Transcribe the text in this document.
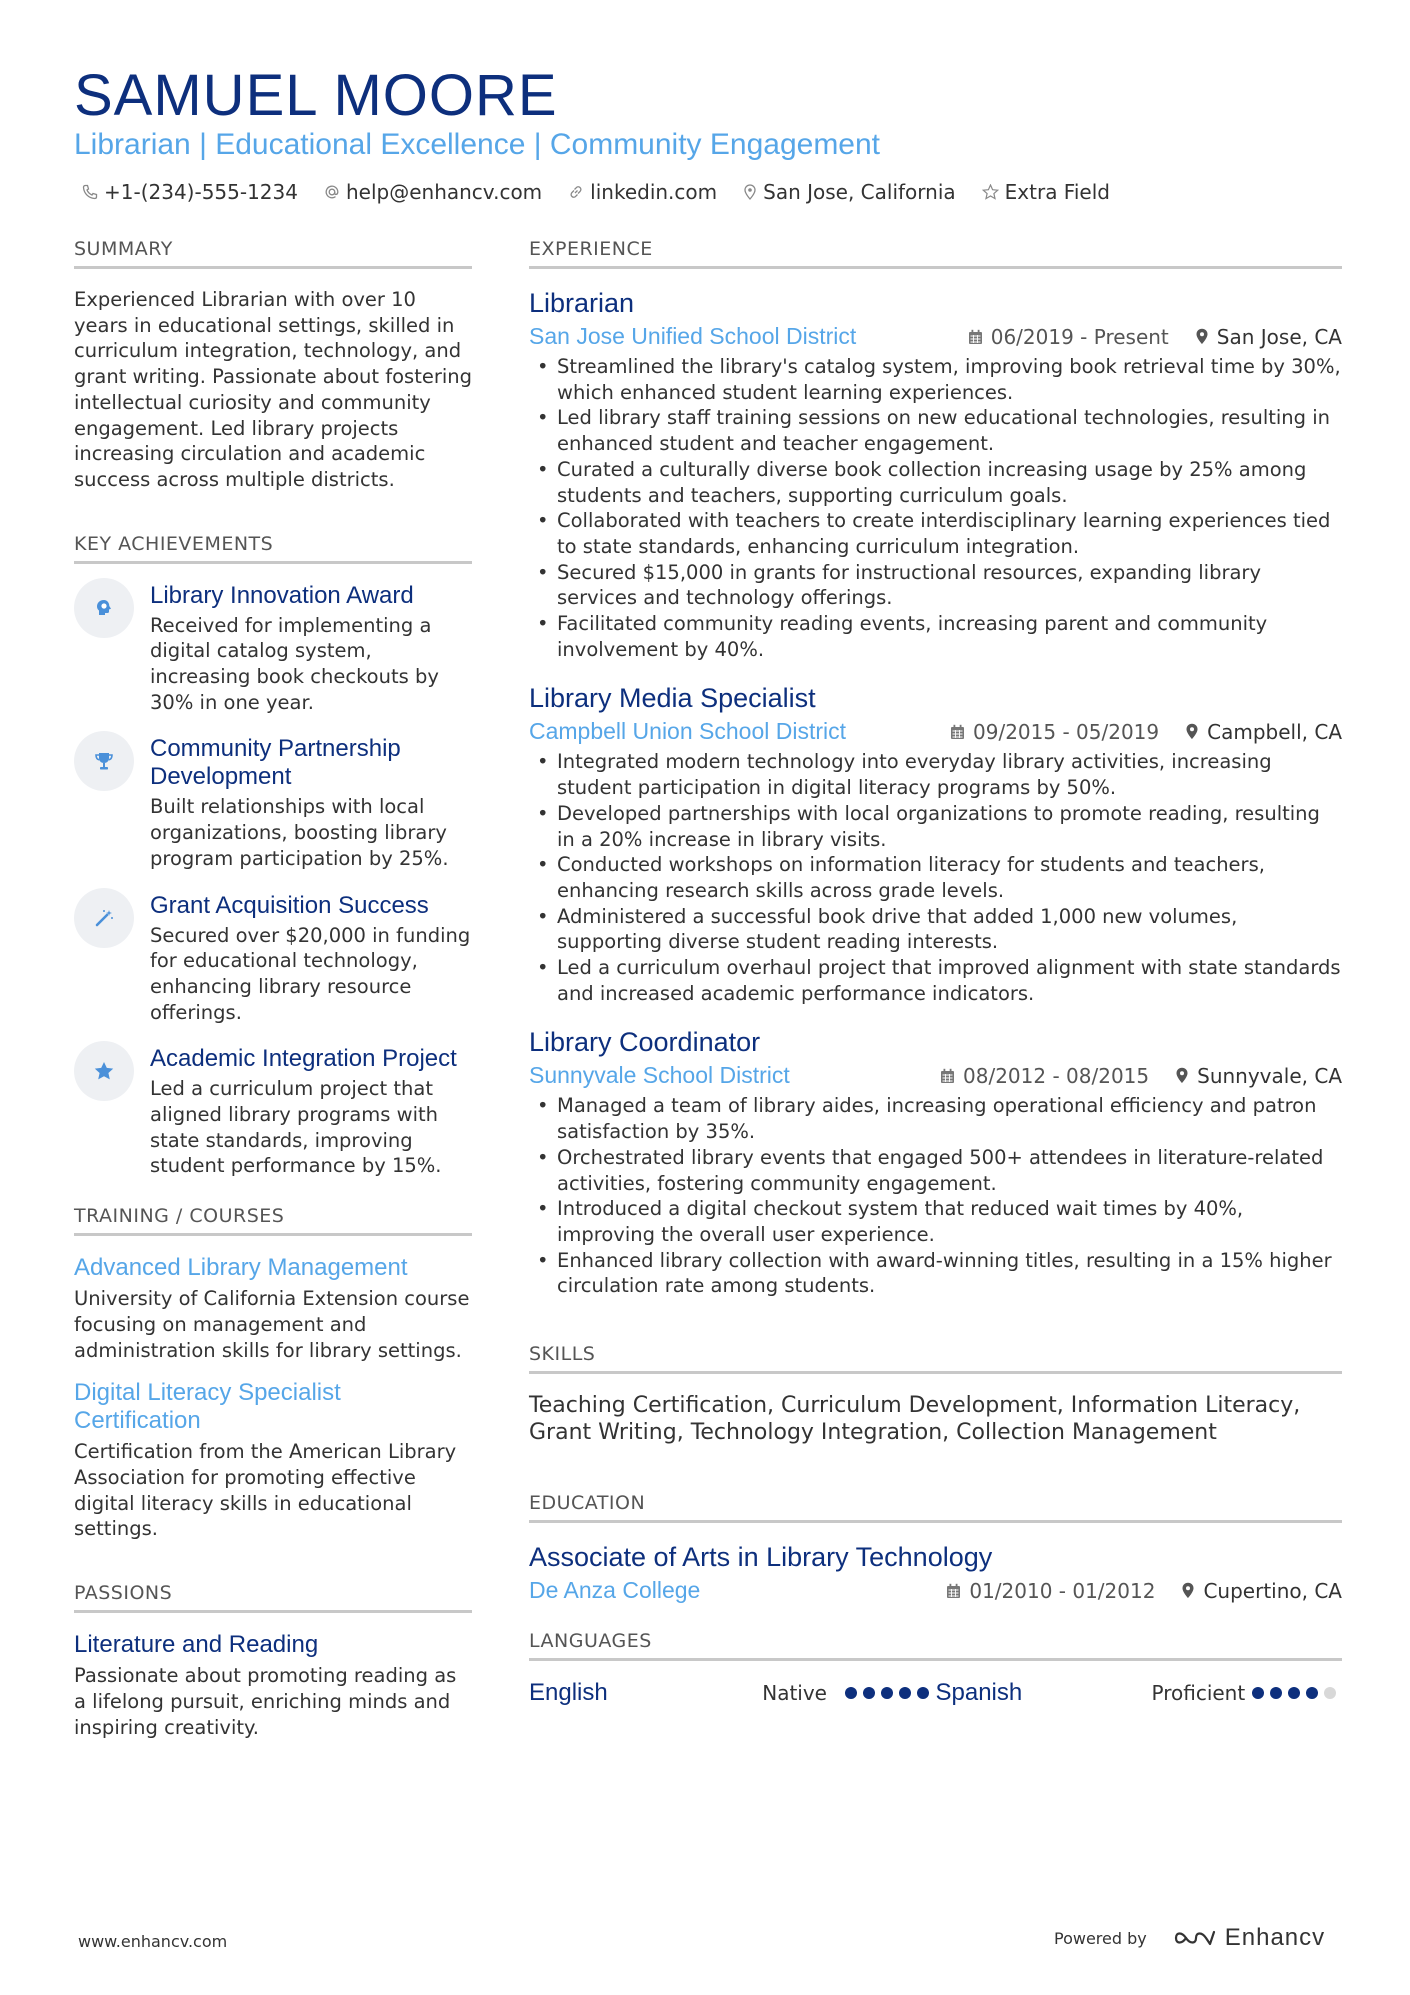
SAMUEL MOORE
Librarian | Educational Excellence | Community Engagement
+1-(234)-555-1234 help@enhancv.com linkedin.com San Jose, California Extra Field
SUMMARY
Experienced Librarian with over 10 years in educational settings, skilled in curriculum integration, technology, and grant writing. Passionate about fostering intellectual curiosity and community engagement. Led library projects increasing circulation and academic success across multiple districts.
KEY ACHIEVEMENTS
Library Innovation Award
Received for implementing a digital catalog system, increasing book checkouts by 30% in one year.
Community Partnership Development
Built relationships with local organizations, boosting library program participation by 25%.
Grant Acquisition Success
Secured over $20,000 in funding for educational technology, enhancing library resource offerings.
Academic Integration Project
Led a curriculum project that aligned library programs with state standards, improving student performance by 15%.
TRAINING / COURSES
Advanced Library Management
University of California Extension course focusing on management and administration skills for library settings.
Digital Literacy Specialist Certification
Certification from the American Library Association for promoting effective digital literacy skills in educational settings.
PASSIONS
Literature and Reading
Passionate about promoting reading as a lifelong pursuit, enriching minds and inspiring creativity.
EXPERIENCE
Librarian
San Jose Unified School District	06/2019 - Present San Jose, CA
• Streamlined the library's catalog system, improving book retrieval time by 30%, which enhanced student learning experiences.
• Led library staff training sessions on new educational technologies, resulting in enhanced student and teacher engagement.
• Curated a culturally diverse book collection increasing usage by 25% among students and teachers, supporting curriculum goals.
• Collaborated with teachers to create interdisciplinary learning experiences tied to state standards, enhancing curriculum integration.
• Secured $15,000 in grants for instructional resources, expanding library services and technology offerings.
• Facilitated community reading events, increasing parent and community involvement by 40%.
Library Media Specialist
Campbell Union School District	09/2015 - 05/2019 Campbell, CA
• Integrated modern technology into everyday library activities, increasing student participation in digital literacy programs by 50%.
• Developed partnerships with local organizations to promote reading, resulting in a 20% increase in library visits.
• Conducted workshops on information literacy for students and teachers, enhancing research skills across grade levels.
• Administered a successful book drive that added 1,000 new volumes, supporting diverse student reading interests.
• Led a curriculum overhaul project that improved alignment with state standards and increased academic performance indicators.
Library Coordinator
Sunnyvale School District	08/2012 - 08/2015 Sunnyvale, CA
• Managed a team of library aides, increasing operational efficiency and patron satisfaction by 35%.
• Orchestrated library events that engaged 500+ attendees in literature-related activities, fostering community engagement.
• Introduced a digital checkout system that reduced wait times by 40%, improving the overall user experience.
• Enhanced library collection with award-winning titles, resulting in a 15% higher circulation rate among students.
SKILLS
Teaching Certification, Curriculum Development, Information Literacy, Grant Writing, Technology Integration, Collection Management
EDUCATION
Associate of Arts in Library Technology
De Anza College	01/2010 - 01/2012 Cupertino, CA
LANGUAGES
English	Native	Spanish	Proficient
www.enhancv.com	Powered by	Enhancv
